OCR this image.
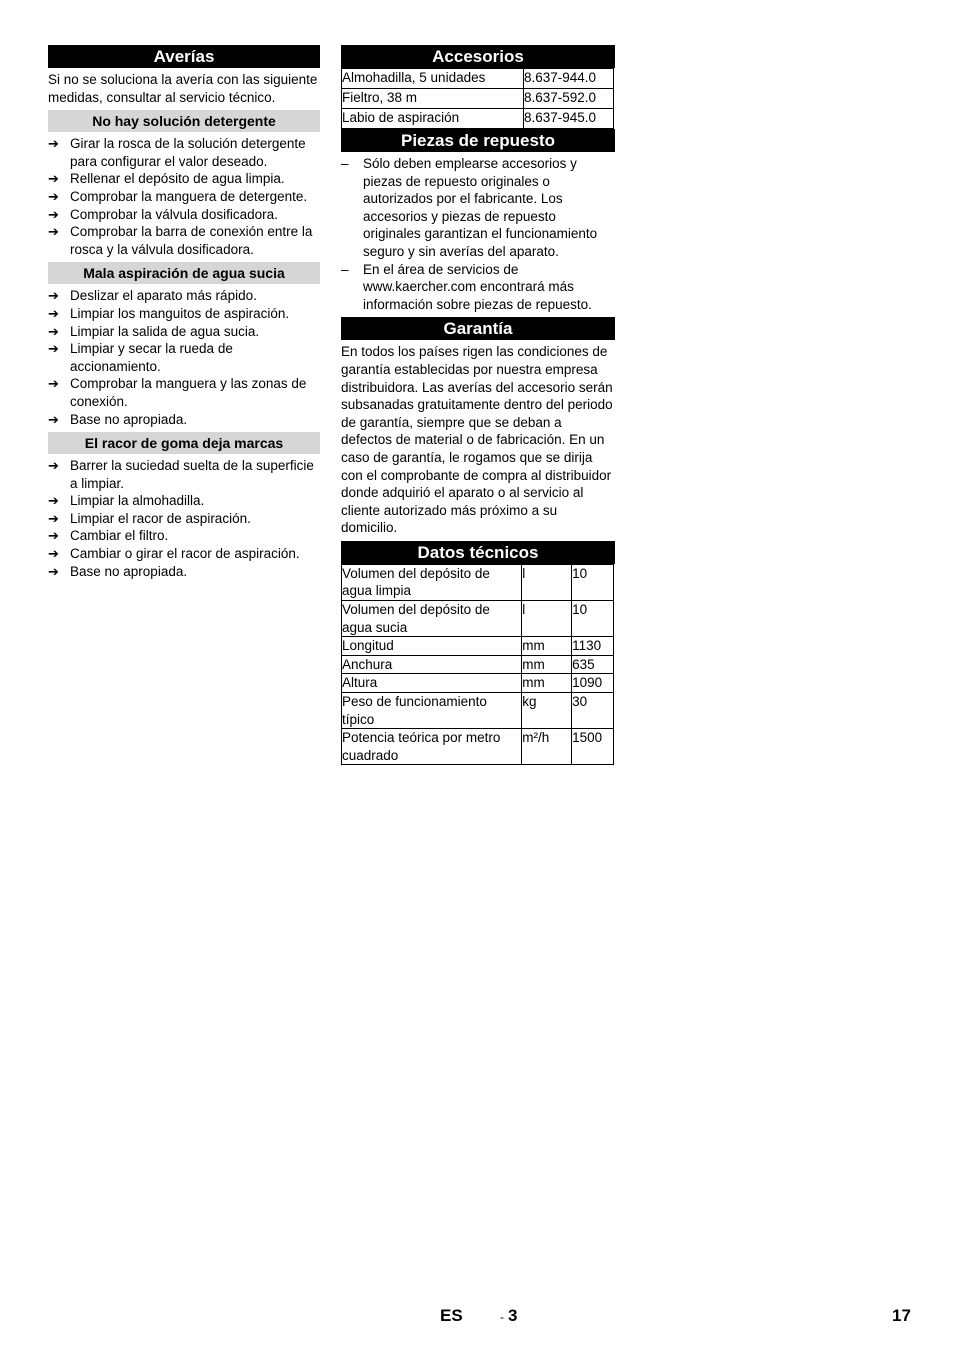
Averías

Si no se soluciona la avería con las siguiente medidas, consultar al servicio técnico.

No hay solución detergente
➔ Girar la rosca de la solución detergente para configurar el valor deseado.
➔ Rellenar el depósito de agua limpia.
➔ Comprobar la manguera de detergente.
➔ Comprobar la válvula dosificadora.
➔ Comprobar la barra de conexión entre la rosca y la válvula dosificadora.
Mala aspiración de agua sucia
➔ Deslizar el aparato más rápido.
➔ Limpiar los manguitos de aspiración.
➔ Limpiar la salida de agua sucia.
➔ Limpiar y secar la rueda de accionamiento.
➔ Comprobar la manguera y las zonas de conexión.
➔ Base no apropiada.
El racor de goma deja marcas
➔ Barrer la suciedad suelta de la superficie a limpiar.
➔ Limpiar la almohadilla.
➔ Limpiar el racor de aspiración.
➔ Cambiar el filtro.
➔ Cambiar o girar el racor de aspiración.
➔ Base no apropiada.
Accesorios
Almohadilla, 5 unidades	8.637-944.0
Fieltro, 38 m	8.637-592.0
Labio de aspiración	8.637-945.0
Piezas de repuesto
–	Sólo deben emplearse accesorios y piezas de repuesto originales o autorizados por el fabricante. Los accesorios y piezas de repuesto originales garantizan el funcionamiento seguro y sin averías del aparato.
–	En el área de servicios de www.kaercher.com encontrará más información sobre piezas de repuesto.
Garantía

En todos los países rigen las condiciones de garantía establecidas por nuestra empresa distribuidora. Las averías del accesorio serán subsanadas gratuitamente dentro del periodo de garantía, siempre que se deban a defectos de material o de fabricación. En un caso de garantía, le rogamos que se dirija con el comprobante de compra al distribuidor donde adquirió el aparato o al servicio al cliente autorizado más próximo a su domicilio.

Datos técnicos
Volumen del depósito de agua limpia	l	10
Volumen del depósito de agua sucia	l	10
Longitud	mm	1130
Anchura	mm	635
Altura	mm	1090
Peso de funcionamiento típico	kg	30
Potencia teórica por metro cuadrado	m²/h	1500
ES	- 3	17
